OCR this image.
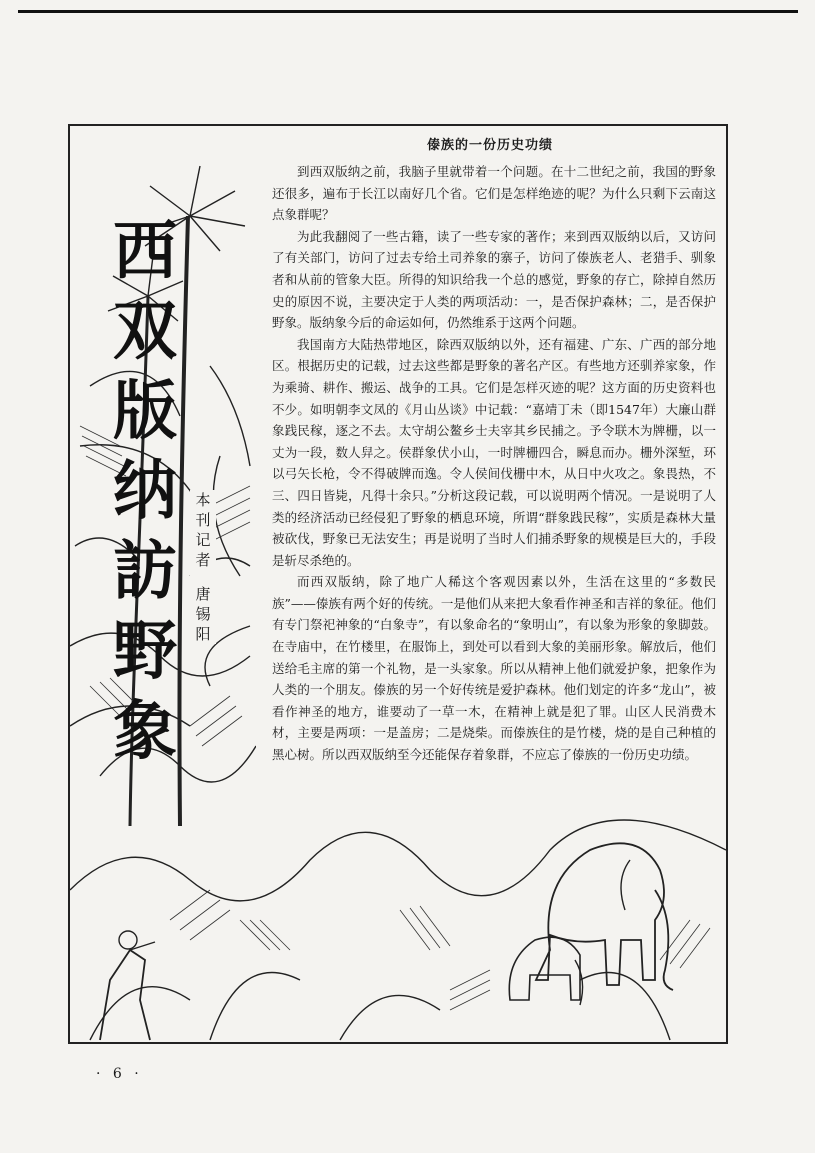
西
双
版
纳
訪
野
象
本
刊
记
者
唐
锡
阳
傣族的一份历史功绩

到西双版纳之前，我脑子里就带着一个问题。在十二世纪之前，我国的野象还很多，遍布于长江以南好几个省。它们是怎样绝迹的呢？为什么只剩下云南这点象群呢？

为此我翻阅了一些古籍，读了一些专家的著作；来到西双版纳以后，又访问了有关部门，访问了过去专给土司养象的寨子，访问了傣族老人、老猎手、驯象者和从前的管象大臣。所得的知识给我一个总的感觉，野象的存亡，除掉自然历史的原因不说，主要决定于人类的两项活动：一，是否保护森林；二，是否保护野象。版纳象今后的命运如何，仍然维系于这两个问题。

我国南方大陆热带地区，除西双版纳以外，还有福建、广东、广西的部分地区。根据历史的记载，过去这些都是野象的著名产区。有些地方还驯养家象，作为乘骑、耕作、搬运、战争的工具。它们是怎样灭迹的呢？这方面的历史资料也不少。如明朝李文凤的《月山丛谈》中记载：“嘉靖丁未（即1547年）大廉山群象践民稼，逐之不去。太守胡公鳌乡士夫宰其乡民捕之。予令联木为牌栅，以一丈为一段，数人舁之。侯群象伏小山，一时牌栅四合，瞬息而办。栅外深堑，环以弓矢长枪，令不得破牌而逸。令人侯间伐栅中木，从日中火攻之。象畏热，不三、四日皆毙，凡得十余只。”分析这段记载，可以说明两个情况。一是说明了人类的经济活动已经侵犯了野象的栖息环境，所谓“群象践民稼”，实质是森林大量被砍伐，野象已无法安生；再是说明了当时人们捕杀野象的规模是巨大的，手段是斩尽杀绝的。

而西双版纳，除了地广人稀这个客观因素以外，生活在这里的“多数民族”——傣族有两个好的传统。一是他们从来把大象看作神圣和吉祥的象征。他们有专门祭祀神象的“白象寺”，有以象命名的“象明山”，有以象为形象的象脚鼓。在寺庙中，在竹楼里，在服饰上，到处可以看到大象的美丽形象。解放后，他们送给毛主席的第一个礼物，是一头家象。所以从精神上他们就爱护象，把象作为人类的一个朋友。傣族的另一个好传统是爱护森林。他们划定的许多“龙山”，被看作神圣的地方，谁要动了一草一木，在精神上就是犯了罪。山区人民消费木材，主要是两项：一是盖房；二是烧柴。而傣族住的是竹楼，烧的是自己种植的黑心树。所以西双版纳至今还能保存着象群，不应忘了傣族的一份历史功绩。

· 6 ·
